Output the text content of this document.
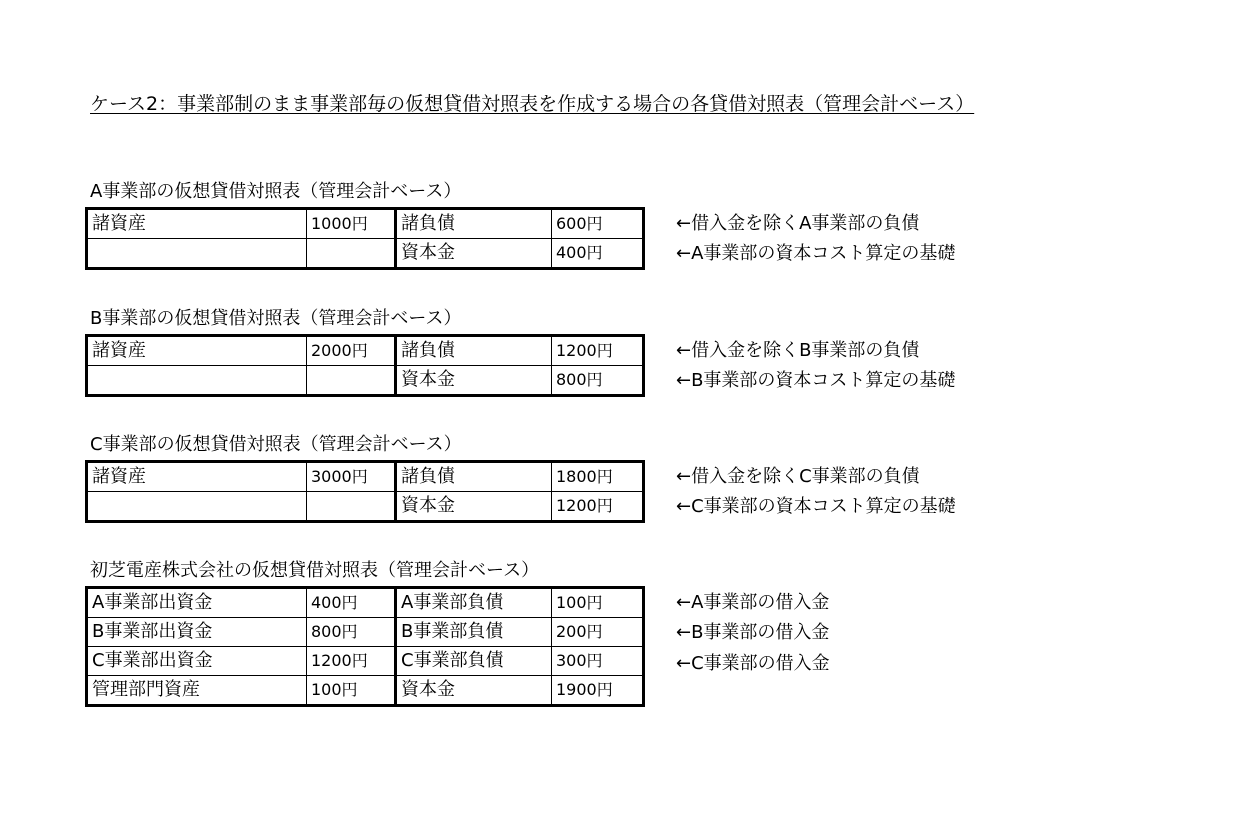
ケース2：事業部制のまま事業部毎の仮想貸借対照表を作成する場合の各貸借対照表（管理会計ベース）
A事業部の仮想貸借対照表（管理会計ベース）
諸資産	1000円	諸負債	600円
		資本金	400円
←借入金を除くA事業部の負債
←A事業部の資本コスト算定の基礎
B事業部の仮想貸借対照表（管理会計ベース）
諸資産	2000円	諸負債	1200円
		資本金	800円
←借入金を除くB事業部の負債
←B事業部の資本コスト算定の基礎
C事業部の仮想貸借対照表（管理会計ベース）
諸資産	3000円	諸負債	1800円
		資本金	1200円
←借入金を除くC事業部の負債
←C事業部の資本コスト算定の基礎
初芝電産株式会社の仮想貸借対照表（管理会計ベース）
A事業部出資金	400円	A事業部負債	100円
B事業部出資金	800円	B事業部負債	200円
C事業部出資金	1200円	C事業部負債	300円
管理部門資産	100円	資本金	1900円
←A事業部の借入金
←B事業部の借入金
←C事業部の借入金
